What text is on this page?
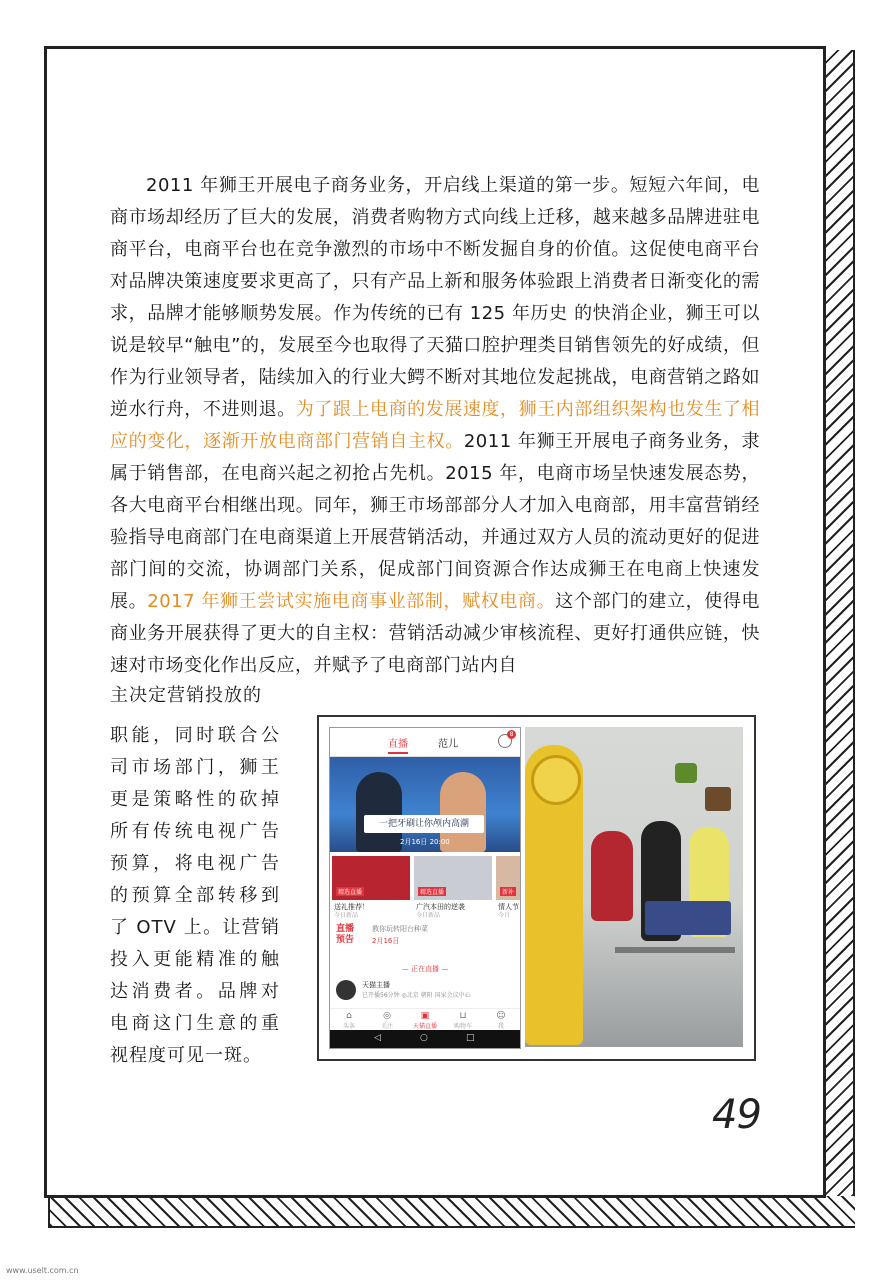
2011 年狮王开展电子商务业务，开启线上渠道的第一步。短短六年间，电商市场却经历了巨大的发展，消费者购物方式向线上迁移，越来越多品牌进驻电商平台，电商平台也在竞争激烈的市场中不断发掘自身的价值。这促使电商平台对品牌决策速度要求更高了，只有产品上新和服务体验跟上消费者日渐变化的需求，品牌才能够顺势发展。作为传统的已有 125 年历史 的快消企业，狮王可以说是较早“触电”的，发展至今也取得了天猫口腔护理类目销售领先的好成绩，但作为行业领导者，陆续加入的行业大鳄不断对其地位发起挑战，电商营销之路如逆水行舟，不进则退。为了跟上电商的发展速度，狮王内部组织架构也发生了相应的变化，逐渐开放电商部门营销自主权。2011 年狮王开展电子商务业务，隶属于销售部，在电商兴起之初抢占先机。2015 年，电商市场呈快速发展态势，各大电商平台相继出现。同年，狮王市场部部分人才加入电商部，用丰富营销经验指导电商部门在电商渠道上开展营销活动，并通过双方人员的流动更好的促进部门间的交流，协调部门关系，促成部门间资源合作达成狮王在电商上快速发展。2017 年狮王尝试实施电商事业部制，赋权电商。这个部门的建立，使得电商业务开展获得了更大的自主权：营销活动减少审核流程、更好打通供应链，快速对市场变化作出反应，并赋予了电商部门站内自

主决定营销投放的
职能，同时联合公司市场部门，狮王更是策略性的砍掉所有传统电视广告预算，将电视广告的预算全部转移到了 OTV 上。让营销投入更能精准的触达消费者。品牌对电商这门生意的重视程度可见一斑。

直播	范儿
8
一把牙刷让你颅内高潮
2月16日 20:00
精选直播	精选直播	新补
送礼推荐！
今日新品
广汽本田的逆袭
今日新品
情人节
今日
直播
预告
教你玩转阳台种菜
2月16日
— 正在直播 —
天猫主播
已开播56分钟 ◎北京 朝阳 国家会议中心
⌂
头条
◎
关注
▣
天猫直播
⊔
购物车
☺
我
◁	○	□
49
www.uselt.com.cn
